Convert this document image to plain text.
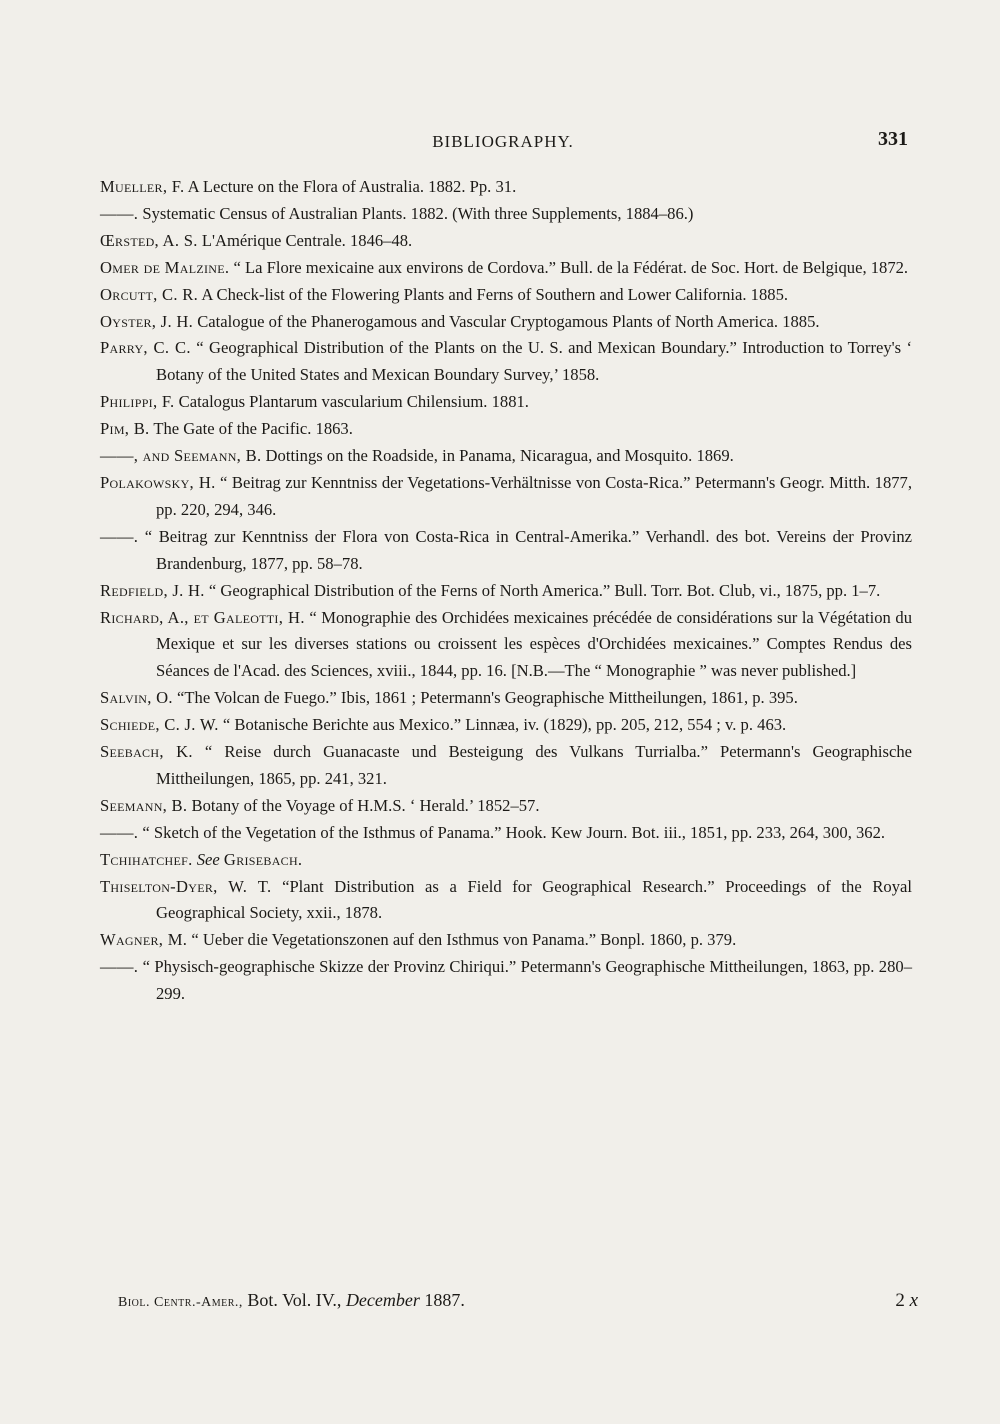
BIBLIOGRAPHY.	331
Mueller, F. A Lecture on the Flora of Australia. 1882. Pp. 31.
——. Systematic Census of Australian Plants. 1882. (With three Supplements, 1884–86.)
Œrsted, A. S. L'Amérique Centrale. 1846–48.
Omer de Malzine. “ La Flore mexicaine aux environs de Cordova.” Bull. de la Fédérat. de Soc. Hort. de Belgique, 1872.
Orcutt, C. R. A Check-list of the Flowering Plants and Ferns of Southern and Lower California. 1885.
Oyster, J. H. Catalogue of the Phanerogamous and Vascular Cryptogamous Plants of North America. 1885.
Parry, C. C. “ Geographical Distribution of the Plants on the U. S. and Mexican Boundary.” Introduction to Torrey's ‘ Botany of the United States and Mexican Boundary Survey,’ 1858.
Philippi, F. Catalogus Plantarum vascularium Chilensium. 1881.
Pim, B. The Gate of the Pacific. 1863.
——, and Seemann, B. Dottings on the Roadside, in Panama, Nicaragua, and Mosquito. 1869.
Polakowsky, H. “ Beitrag zur Kenntniss der Vegetations-Verhältnisse von Costa-Rica.” Petermann's Geogr. Mitth. 1877, pp. 220, 294, 346.
——. “ Beitrag zur Kenntniss der Flora von Costa-Rica in Central-Amerika.” Verhandl. des bot. Vereins der Provinz Brandenburg, 1877, pp. 58–78.
Redfield, J. H. “ Geographical Distribution of the Ferns of North America.” Bull. Torr. Bot. Club, vi., 1875, pp. 1–7.
Richard, A., et Galeotti, H. “ Monographie des Orchidées mexicaines précédée de considérations sur la Végétation du Mexique et sur les diverses stations ou croissent les espèces d'Orchidées mexicaines.” Comptes Rendus des Séances de l'Acad. des Sciences, xviii., 1844, pp. 16. [N.B.—The “ Monographie ” was never published.]
Salvin, O. “The Volcan de Fuego.” Ibis, 1861 ; Petermann's Geographische Mittheilungen, 1861, p. 395.
Schiede, C. J. W. “ Botanische Berichte aus Mexico.” Linnæa, iv. (1829), pp. 205, 212, 554 ; v. p. 463.
Seebach, K. “ Reise durch Guanacaste und Besteigung des Vulkans Turrialba.” Petermann's Geographische Mittheilungen, 1865, pp. 241, 321.
Seemann, B. Botany of the Voyage of H.M.S. ‘ Herald.’ 1852–57.
——. “ Sketch of the Vegetation of the Isthmus of Panama.” Hook. Kew Journ. Bot. iii., 1851, pp. 233, 264, 300, 362.
Tchihatchef. See Grisebach.
Thiselton-Dyer, W. T. “Plant Distribution as a Field for Geographical Research.” Proceedings of the Royal Geographical Society, xxii., 1878.
Wagner, M. “ Ueber die Vegetationszonen auf den Isthmus von Panama.” Bonpl. 1860, p. 379.
——. “ Physisch-geographische Skizze der Provinz Chiriqui.” Petermann's Geographische Mittheilungen, 1863, pp. 280–299.
Biol. Centr.-Amer., Bot. Vol. IV., December 1887.	2 x
